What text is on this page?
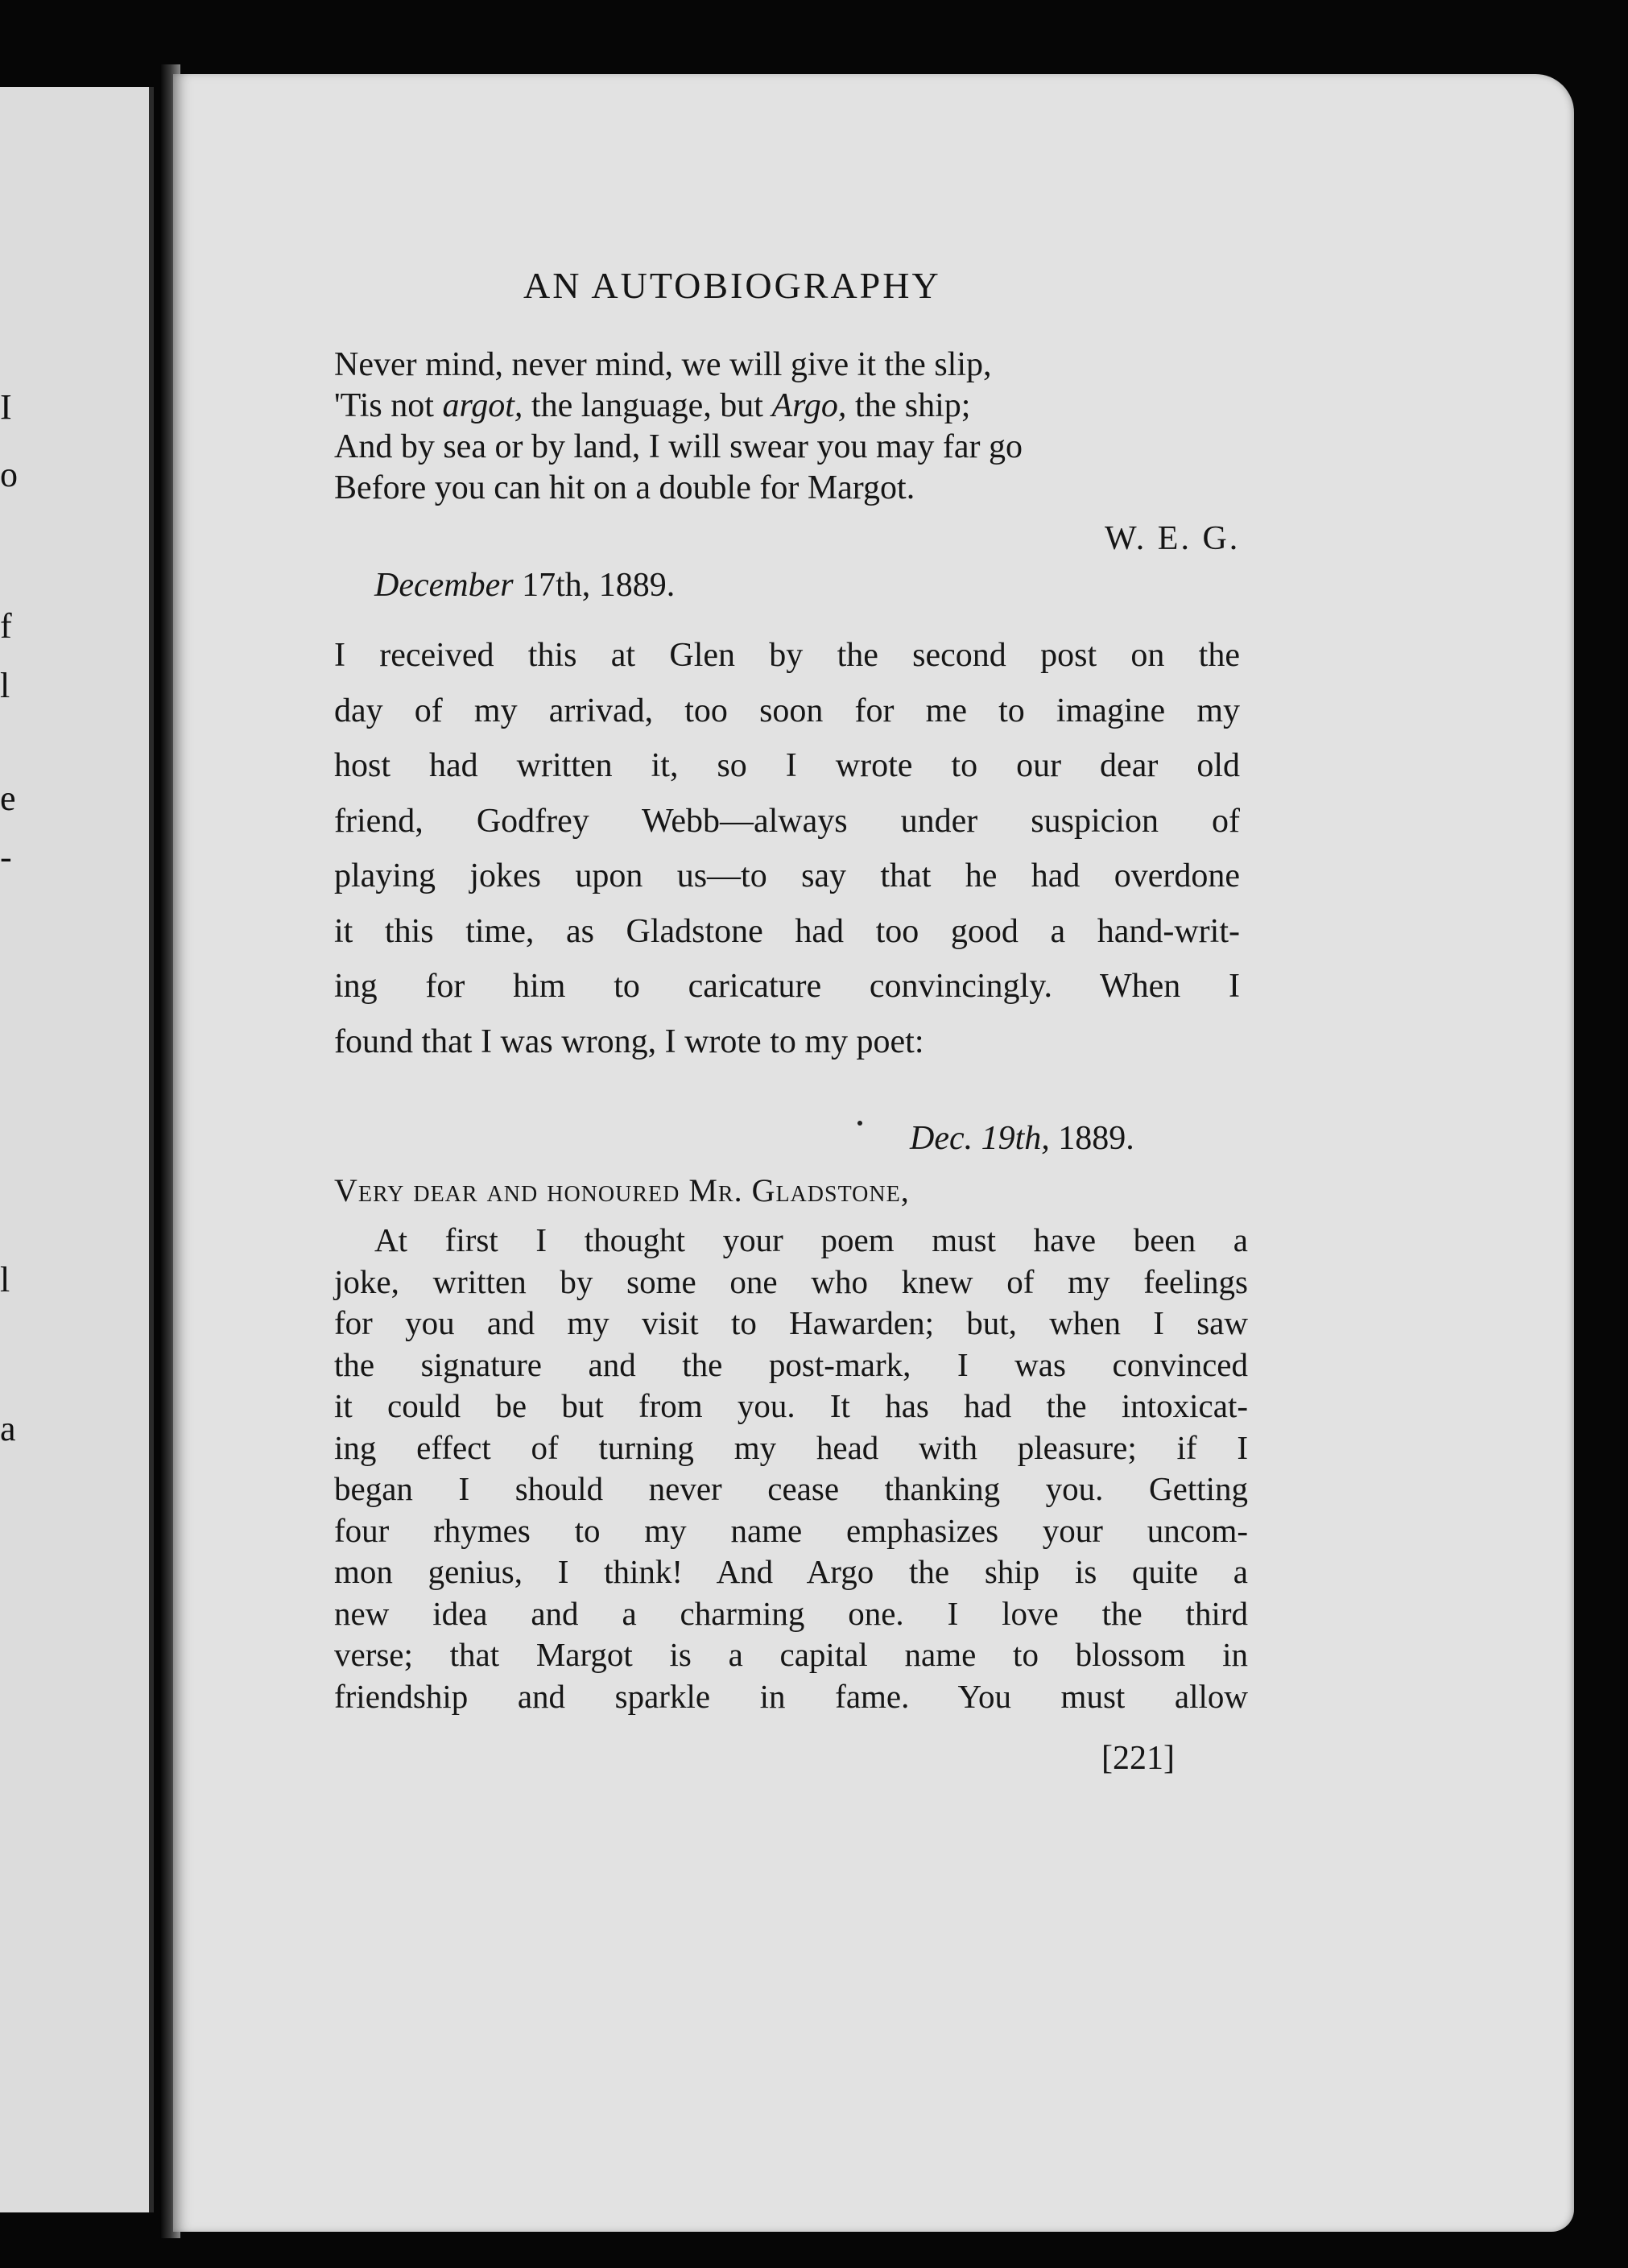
I
o
f
l
e
-
l
a
AN AUTOBIOGRAPHY
Never mind, never mind, we will give it the slip,
'Tis not argot, the language, but Argo, the ship;
And by sea or by land, I will swear you may far go
Before you can hit on a double for Margot.
W. E. G.
December 17th, 1889.
I received this at Glen by the second post on the
day of my arrivad, too soon for me to imagine my
host had written it, so I wrote to our dear old
friend, Godfrey Webb—always under suspicion of
playing jokes upon us—to say that he had overdone
it this time, as Gladstone had too good a hand-writ-
ing for him to caricature convincingly. When I
found that I was wrong, I wrote to my poet:
Dec. 19th, 1889.
Very dear and honoured Mr. Gladstone,
At first I thought your poem must have been a
joke, written by some one who knew of my feelings
for you and my visit to Hawarden; but, when I saw
the signature and the post-mark, I was convinced
it could be but from you. It has had the intoxicat-
ing effect of turning my head with pleasure; if I
began I should never cease thanking you. Getting
four rhymes to my name emphasizes your uncom-
mon genius, I think! And Argo the ship is quite a
new idea and a charming one. I love the third
verse; that Margot is a capital name to blossom in
friendship and sparkle in fame. You must allow
[221]
